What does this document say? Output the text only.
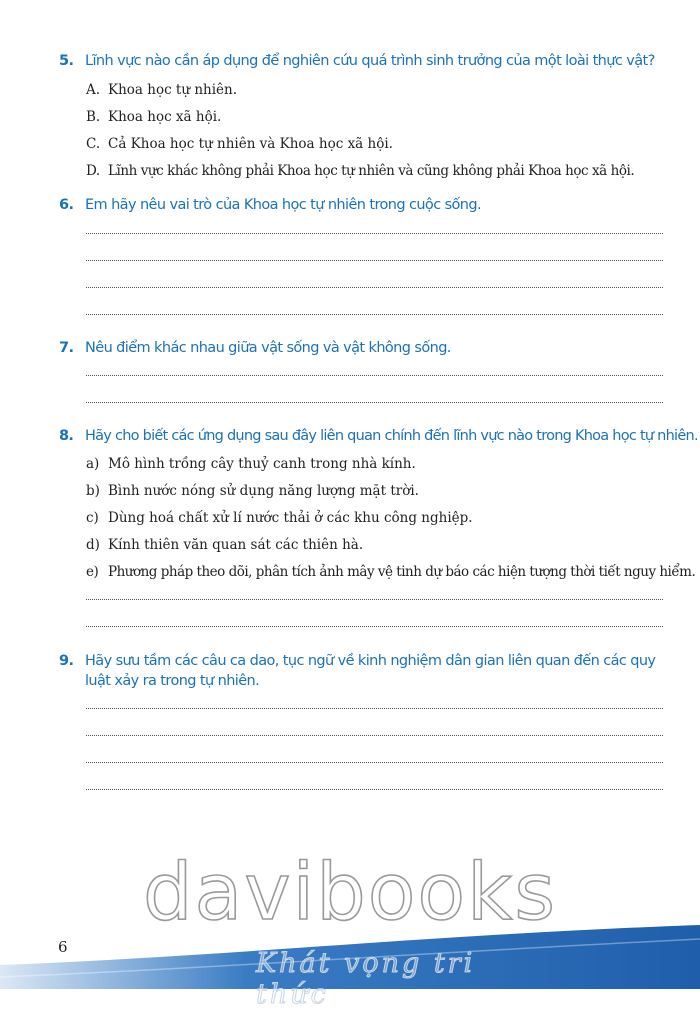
5. Lĩnh vực nào cần áp dụng để nghiên cứu quá trình sinh trưởng của một loài thực vật?
A. Khoa học tự nhiên.
B. Khoa học xã hội.
C. Cả Khoa học tự nhiên và Khoa học xã hội.
D. Lĩnh vực khác không phải Khoa học tự nhiên và cũng không phải Khoa học xã hội.
6. Em hãy nêu vai trò của Khoa học tự nhiên trong cuộc sống.
7. Nêu điểm khác nhau giữa vật sống và vật không sống.
8. Hãy cho biết các ứng dụng sau đây liên quan chính đến lĩnh vực nào trong Khoa học tự nhiên.
a) Mô hình trồng cây thuỷ canh trong nhà kính.
b) Bình nước nóng sử dụng năng lượng mặt trời.
c) Dùng hoá chất xử lí nước thải ở các khu công nghiệp.
d) Kính thiên văn quan sát các thiên hà.
e) Phương pháp theo dõi, phân tích ảnh mây vệ tinh dự báo các hiện tượng thời tiết nguy hiểm.
9. Hãy sưu tầm các câu ca dao, tục ngữ về kinh nghiệm dân gian liên quan đến các quy luật xảy ra trong tự nhiên.
6
davibooks
Khát vọng tri thức
